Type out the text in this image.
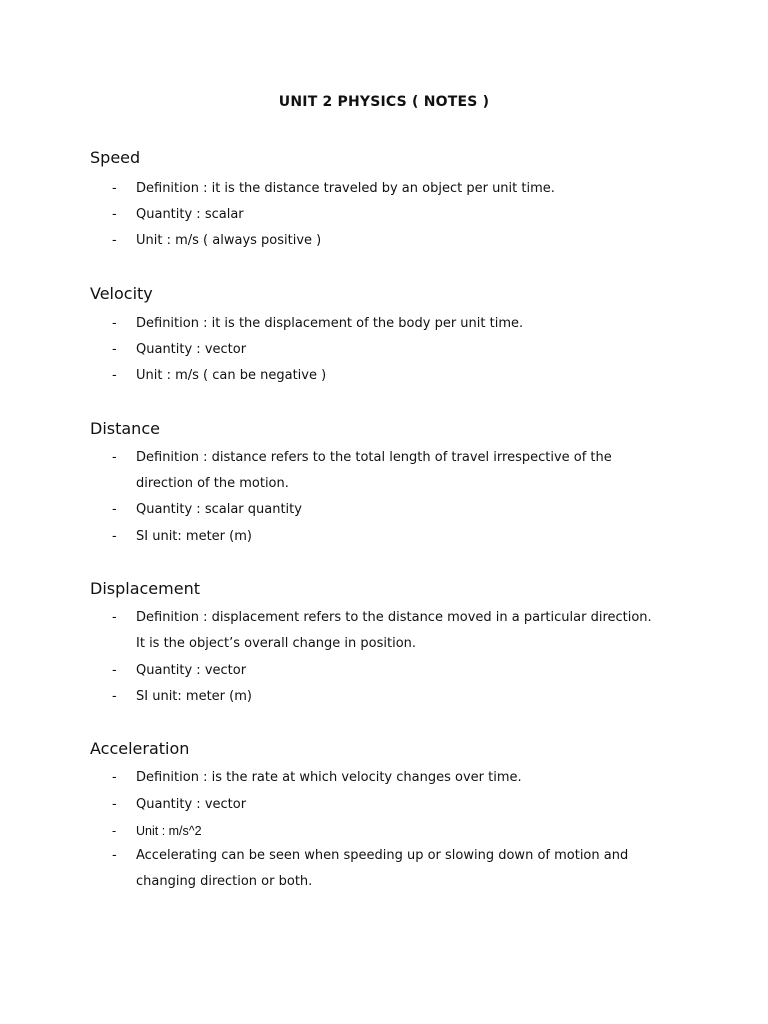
UNIT 2 PHYSICS ( NOTES )
Speed
-	Definition : it is the distance traveled by an object per unit time.
-	Quantity : scalar
-	Unit : m/s ( always positive )
Velocity
-	Definition : it is the displacement of the body per unit time.
-	Quantity : vector
-	Unit : m/s ( can be negative )
Distance
-	Definition : distance refers to the total length of travel irrespective of the
direction of the motion.
-	Quantity : scalar quantity
-	SI unit: meter (m)
Displacement
-	Definition : displacement refers to the distance moved in a particular direction.
It is the object’s overall change in position.
-	Quantity : vector
-	SI unit: meter (m)
Acceleration
-	Definition : is the rate at which velocity changes over time.
-	Quantity : vector
-	Unit : m/s^2
-	Accelerating can be seen when speeding up or slowing down of motion and
changing direction or both.
